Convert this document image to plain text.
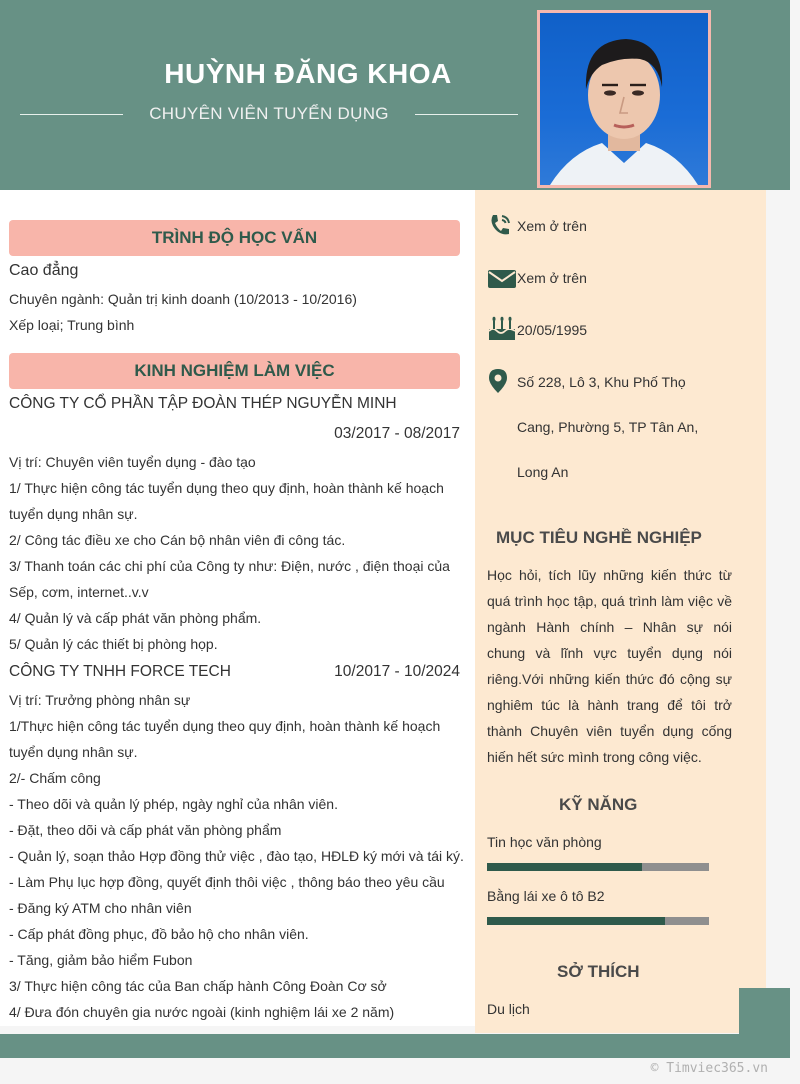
HUỲNH ĐĂNG KHOA
CHUYÊN VIÊN TUYỂN DỤNG
TRÌNH ĐỘ HỌC VẤN
Cao đẳng
Chuyên ngành: Quản trị kinh doanh (10/2013 - 10/2016)
Xếp loại; Trung bình
KINH NGHIỆM LÀM VIỆC
CÔNG TY CỔ PHẦN TẬP ĐOÀN THÉP NGUYỄN MINH
03/2017 - 08/2017
Vị trí: Chuyên viên tuyển dụng - đào tạo
1/ Thực hiện công tác tuyển dụng theo quy định, hoàn thành kế hoạch
tuyển dụng nhân sự.
2/ Công tác điều xe cho Cán bộ nhân viên đi công tác.
3/ Thanh toán các chi phí của Công ty như: Điện, nước , điện thoại của
Sếp, cơm, internet..v.v
4/ Quản lý và cấp phát văn phòng phẩm.
5/ Quản lý các thiết bị phòng họp.
CÔNG TY TNHH FORCE TECH	10/2017 - 10/2024
Vị trí: Trưởng phòng nhân sự
1/Thực hiện công tác tuyển dụng theo quy định, hoàn thành kế hoạch
tuyển dụng nhân sự.
2/- Chấm công
- Theo dõi và quản lý phép, ngày nghỉ của nhân viên.
- Đặt, theo dõi và cấp phát văn phòng phẩm
- Quản lý, soạn thảo Hợp đồng thử việc , đào tạo, HĐLĐ ký mới và tái ký.
- Làm Phụ lục hợp đồng, quyết định thôi việc , thông báo theo yêu cầu
- Đăng ký ATM cho nhân viên
- Cấp phát đồng phục, đồ bảo hộ cho nhân viên.
- Tăng, giảm bảo hiểm Fubon
3/ Thực hiện công tác của Ban chấp hành Công Đoàn Cơ sở
4/ Đưa đón chuyên gia nước ngoài (kinh nghiệm lái xe 2 năm)
Xem ở trên
Xem ở trên
20/05/1995
Số 228, Lô 3, Khu Phố Thọ
Cang, Phường 5, TP Tân An,
Long An
MỤC TIÊU NGHỀ NGHIỆP
Học hỏi, tích lũy những kiến thức từ quá trình học tập, quá trình làm việc về ngành Hành chính – Nhân sự nói chung và lĩnh vực tuyển dụng nói riêng.Với những kiến thức đó cộng sự nghiêm túc là hành trang để tôi trở thành Chuyên viên tuyển dụng cống hiến hết sức mình trong công việc.
KỸ NĂNG
Tin học văn phòng
Bằng lái xe ô tô B2
SỞ THÍCH
Du lịch
© Timviec365.vn
